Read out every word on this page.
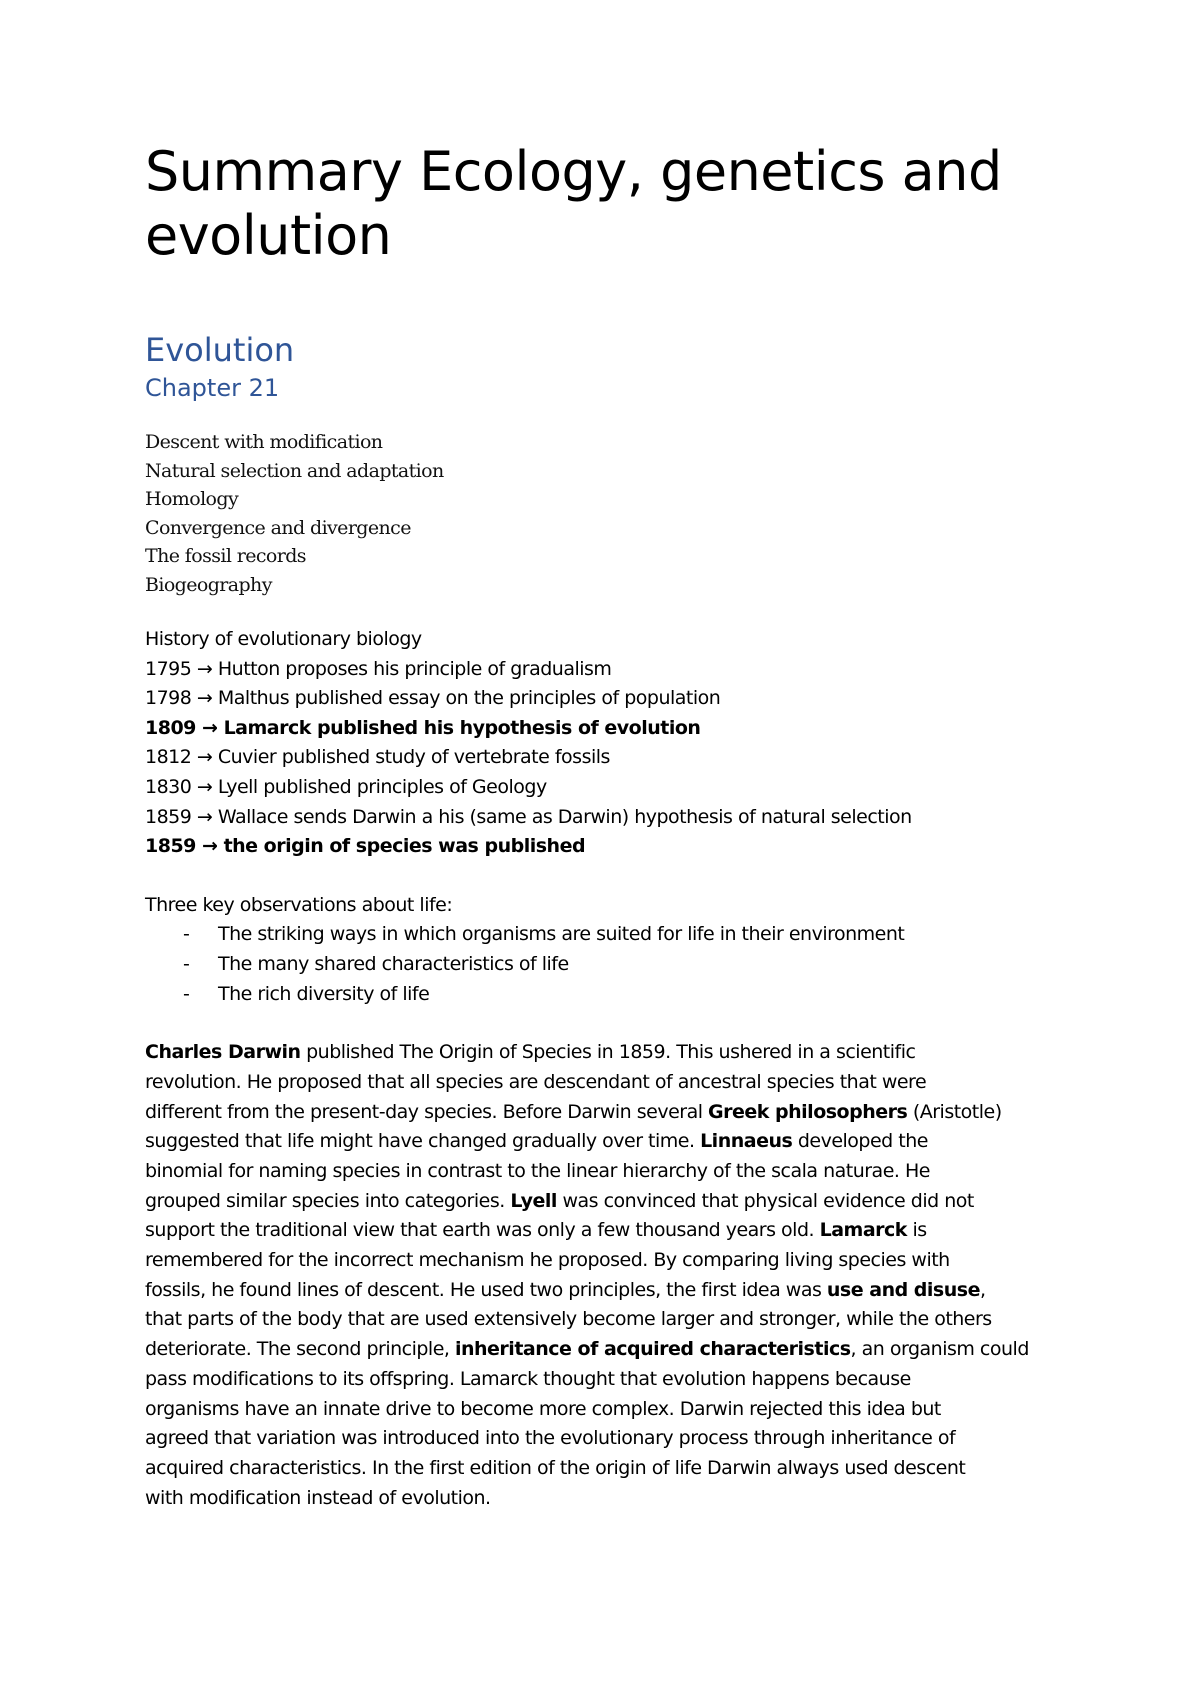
Summary Ecology, genetics and evolution
Evolution
Chapter 21
Descent with modification
Natural selection and adaptation
Homology
Convergence and divergence
The fossil records
Biogeography
History of evolutionary biology
1795 → Hutton proposes his principle of gradualism
1798 → Malthus published essay on the principles of population
1809 → Lamarck published his hypothesis of evolution
1812 → Cuvier published study of vertebrate fossils
1830 → Lyell published principles of Geology
1859 → Wallace sends Darwin a his (same as Darwin) hypothesis of natural selection
1859 → the origin of species was published
Three key observations about life:
- The striking ways in which organisms are suited for life in their environment
- The many shared characteristics of life
- The rich diversity of life
Charles Darwin published The Origin of Species in 1859. This ushered in a scientific
revolution. He proposed that all species are descendant of ancestral species that were
different from the present-day species. Before Darwin several Greek philosophers (Aristotle)
suggested that life might have changed gradually over time. Linnaeus developed the
binomial for naming species in contrast to the linear hierarchy of the scala naturae. He
grouped similar species into categories. Lyell was convinced that physical evidence did not
support the traditional view that earth was only a few thousand years old. Lamarck is
remembered for the incorrect mechanism he proposed. By comparing living species with
fossils, he found lines of descent. He used two principles, the first idea was use and disuse,
that parts of the body that are used extensively become larger and stronger, while the others
deteriorate. The second principle, inheritance of acquired characteristics, an organism could
pass modifications to its offspring. Lamarck thought that evolution happens because
organisms have an innate drive to become more complex. Darwin rejected this idea but
agreed that variation was introduced into the evolutionary process through inheritance of
acquired characteristics. In the first edition of the origin of life Darwin always used descent
with modification instead of evolution.
